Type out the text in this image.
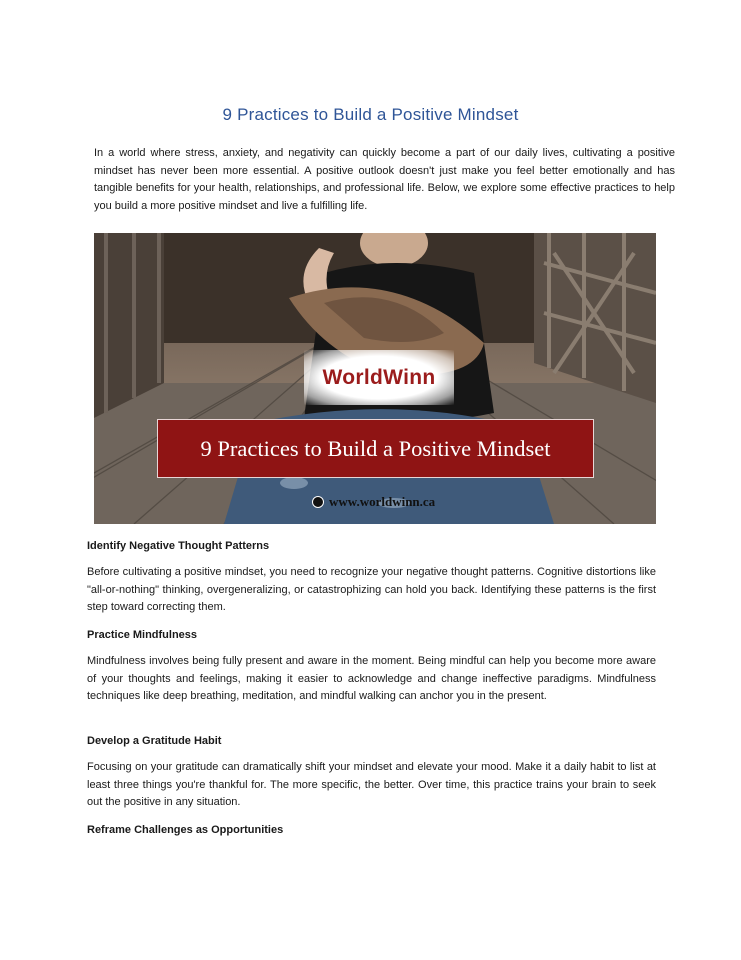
9 Practices to Build a Positive Mindset

In a world where stress, anxiety, and negativity can quickly become a part of our daily lives, cultivating a positive mindset has never been more essential. A positive outlook doesn't just make you feel better emotionally and has tangible benefits for your health, relationships, and professional life. Below, we explore some effective practices to help you build a more positive mindset and live a fulfilling life.

WorldWinn
9 Practices to Build a Positive Mindset
www.worldwinn.ca
Identify Negative Thought Patterns

Before cultivating a positive mindset, you need to recognize your negative thought patterns. Cognitive distortions like "all-or-nothing" thinking, overgeneralizing, or catastrophizing can hold you back. Identifying these patterns is the first step toward correcting them.

Practice Mindfulness

Mindfulness involves being fully present and aware in the moment. Being mindful can help you become more aware of your thoughts and feelings, making it easier to acknowledge and change ineffective paradigms. Mindfulness techniques like deep breathing, meditation, and mindful walking can anchor you in the present.

Develop a Gratitude Habit

Focusing on your gratitude can dramatically shift your mindset and elevate your mood. Make it a daily habit to list at least three things you're thankful for. The more specific, the better. Over time, this practice trains your brain to seek out the positive in any situation.

Reframe Challenges as Opportunities
